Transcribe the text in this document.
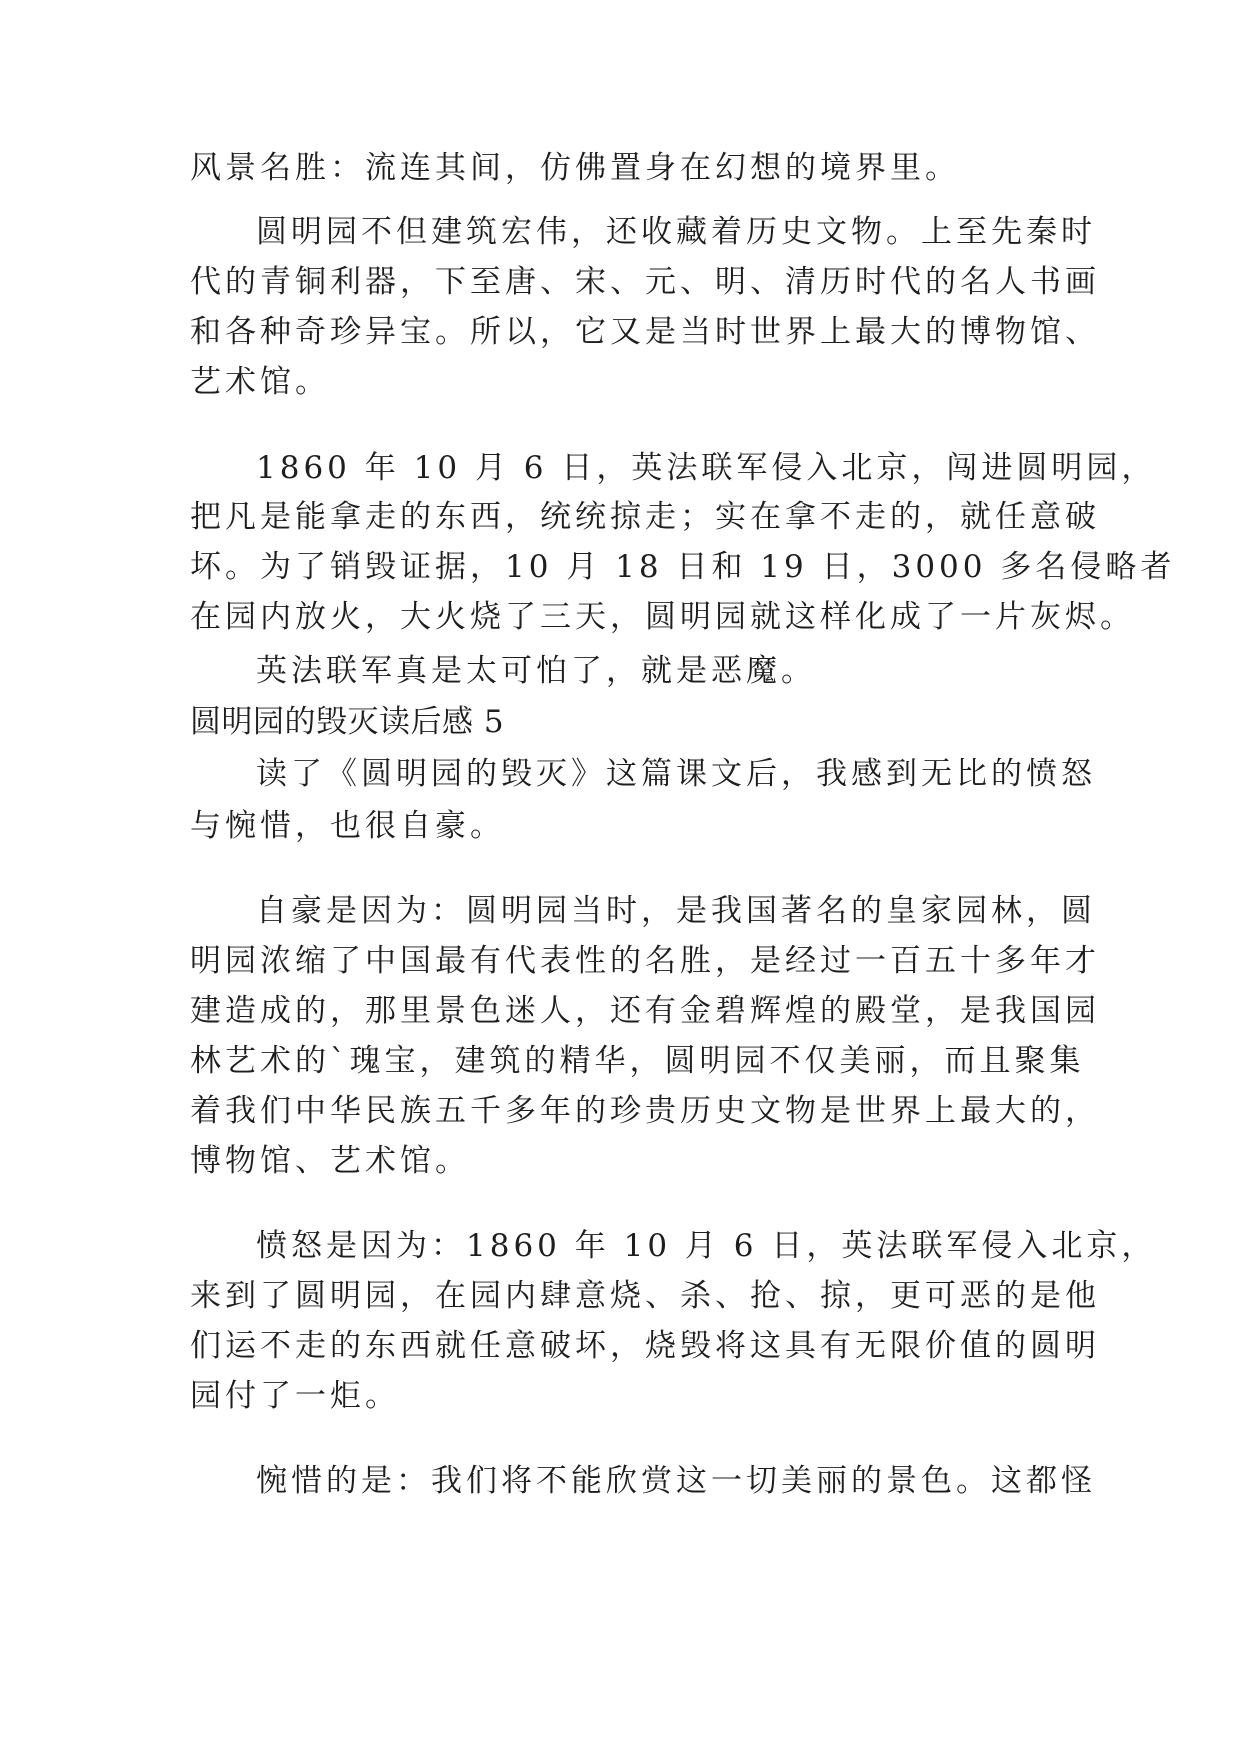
风景名胜：流连其间，仿佛置身在幻想的境界里。
圆明园不但建筑宏伟，还收藏着历史文物。上至先秦时
代的青铜利器，下至唐、宋、元、明、清历时代的名人书画
和各种奇珍异宝。所以，它又是当时世界上最大的博物馆、
艺术馆。
1860 年 10 月 6 日，英法联军侵入北京，闯进圆明园，
把凡是能拿走的东西，统统掠走；实在拿不走的，就任意破
坏。为了销毁证据，10 月 18 日和 19 日，3000 多名侵略者
在园内放火，大火烧了三天，圆明园就这样化成了一片灰烬。
英法联军真是太可怕了，就是恶魔。
圆明园的毁灭读后感 5
读了《圆明园的毁灭》这篇课文后，我感到无比的愤怒
与惋惜，也很自豪。
自豪是因为：圆明园当时，是我国著名的皇家园林，圆
明园浓缩了中国最有代表性的名胜，是经过一百五十多年才
建造成的，那里景色迷人，还有金碧辉煌的殿堂，是我国园
林艺术的`瑰宝，建筑的精华，圆明园不仅美丽，而且聚集
着我们中华民族五千多年的珍贵历史文物是世界上最大的，
博物馆、艺术馆。
愤怒是因为：1860 年 10 月 6 日，英法联军侵入北京，
来到了圆明园，在园内肆意烧、杀、抢、掠，更可恶的是他
们运不走的东西就任意破坏，烧毁将这具有无限价值的圆明
园付了一炬。
惋惜的是：我们将不能欣赏这一切美丽的景色。这都怪
